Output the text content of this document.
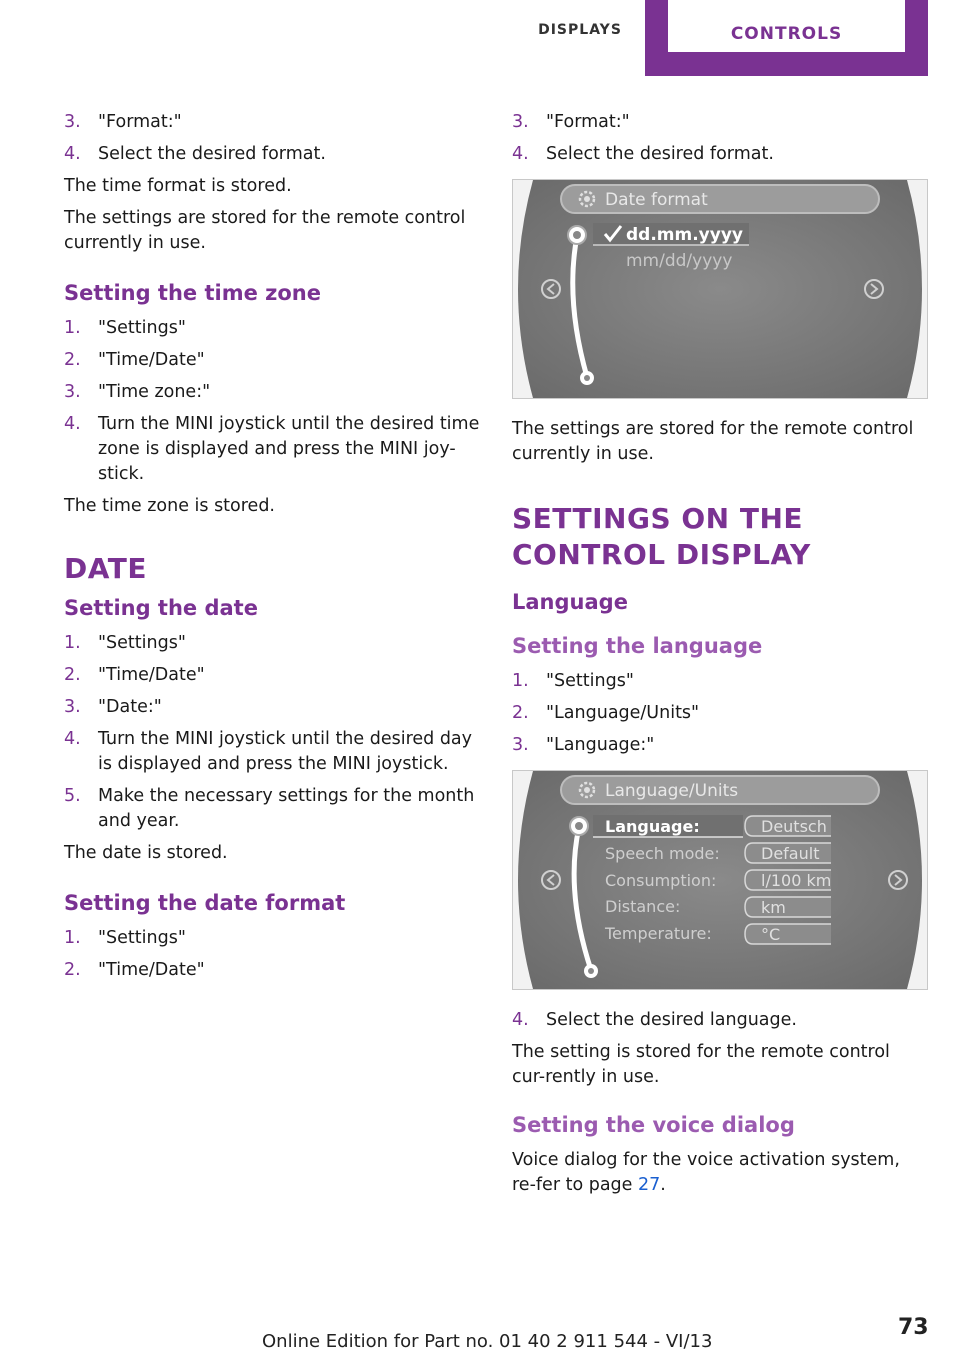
DISPLAYS	CONTROLS
3. "Format:"
4. Select the desired format.

The time format is stored.

The settings are stored for the remote control currently in use.

Setting the time zone
1. "Settings"
2. "Time/Date"
3. "Time zone:"
4. Turn the MINI joystick until the desired time zone is displayed and press the MINI joy-stick.

The time zone is stored.

DATE
Setting the date
1. "Settings"
2. "Time/Date"
3. "Date:"
4. Turn the MINI joystick until the desired day is displayed and press the MINI joystick.
5. Make the necessary settings for the month and year.

The date is stored.

Setting the date format
1. "Settings"
2. "Time/Date"
3. "Format:"
4. Select the desired format.
Date format
dd.mm.yyyy
mm/dd/yyyy

The settings are stored for the remote control currently in use.

SETTINGS ON THE CONTROL DISPLAY
Language
Setting the language
1. "Settings"
2. "Language/Units"
3. "Language:"
Language/Units
Language:
Speech mode:
Consumption:
Distance:
Temperature:
Deutsch
Default
l/100 km
km
°C
4. Select the desired language.

The setting is stored for the remote control cur-rently in use.

Setting the voice dialog

Voice dialog for the voice activation system, re-fer to page 27.

Online Edition for Part no. 01 40 2 911 544 - VI/13
73
